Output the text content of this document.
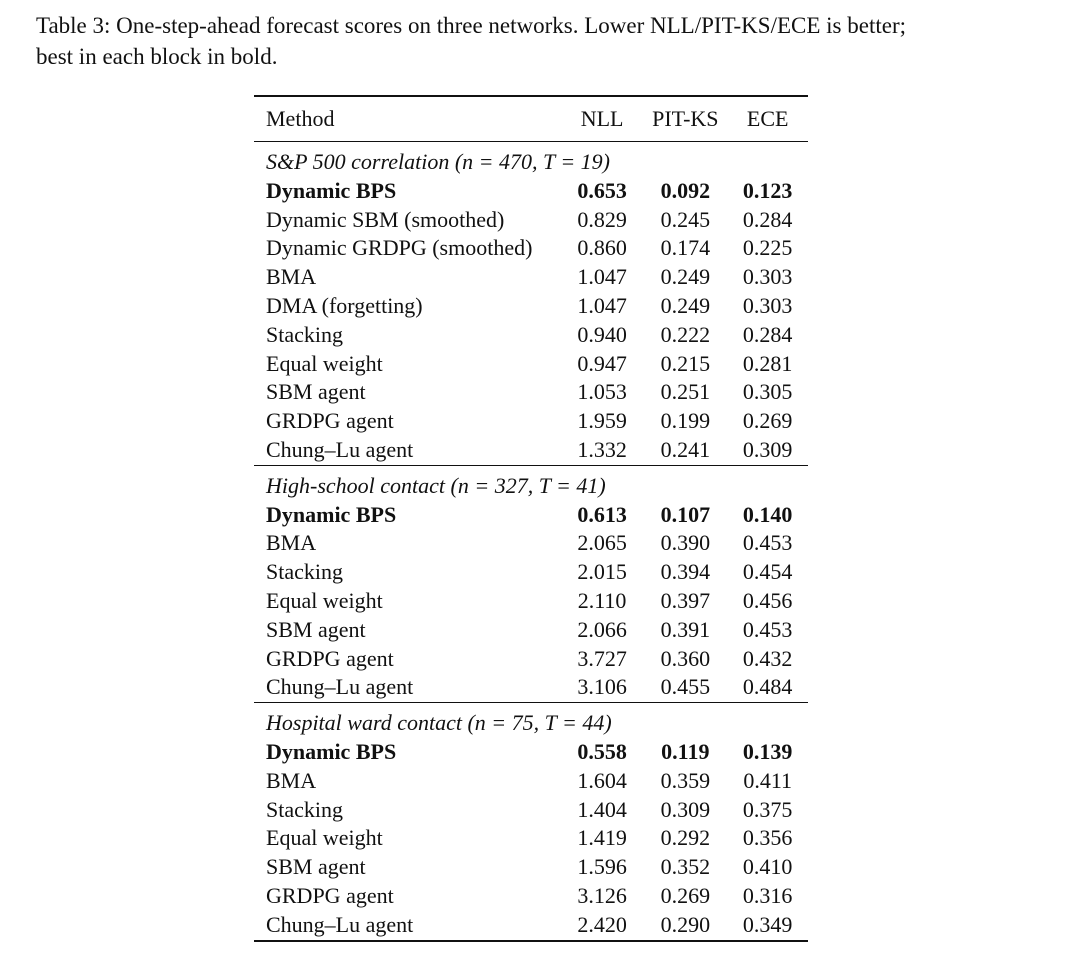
Table 3: One-step-ahead forecast scores on three networks. Lower NLL/PIT-KS/ECE is better;
best in each block in bold.

Method	NLL	PIT-KS	ECE
S&P 500 correlation (n = 470, T = 19)			
Dynamic BPS	0.653	0.092	0.123
Dynamic SBM (smoothed)	0.829	0.245	0.284
Dynamic GRDPG (smoothed)	0.860	0.174	0.225
BMA	1.047	0.249	0.303
DMA (forgetting)	1.047	0.249	0.303
Stacking	0.940	0.222	0.284
Equal weight	0.947	0.215	0.281
SBM agent	1.053	0.251	0.305
GRDPG agent	1.959	0.199	0.269
Chung–Lu agent	1.332	0.241	0.309
High-school contact (n = 327, T = 41)			
Dynamic BPS	0.613	0.107	0.140
BMA	2.065	0.390	0.453
Stacking	2.015	0.394	0.454
Equal weight	2.110	0.397	0.456
SBM agent	2.066	0.391	0.453
GRDPG agent	3.727	0.360	0.432
Chung–Lu agent	3.106	0.455	0.484
Hospital ward contact (n = 75, T = 44)			
Dynamic BPS	0.558	0.119	0.139
BMA	1.604	0.359	0.411
Stacking	1.404	0.309	0.375
Equal weight	1.419	0.292	0.356
SBM agent	1.596	0.352	0.410
GRDPG agent	3.126	0.269	0.316
Chung–Lu agent	2.420	0.290	0.349
